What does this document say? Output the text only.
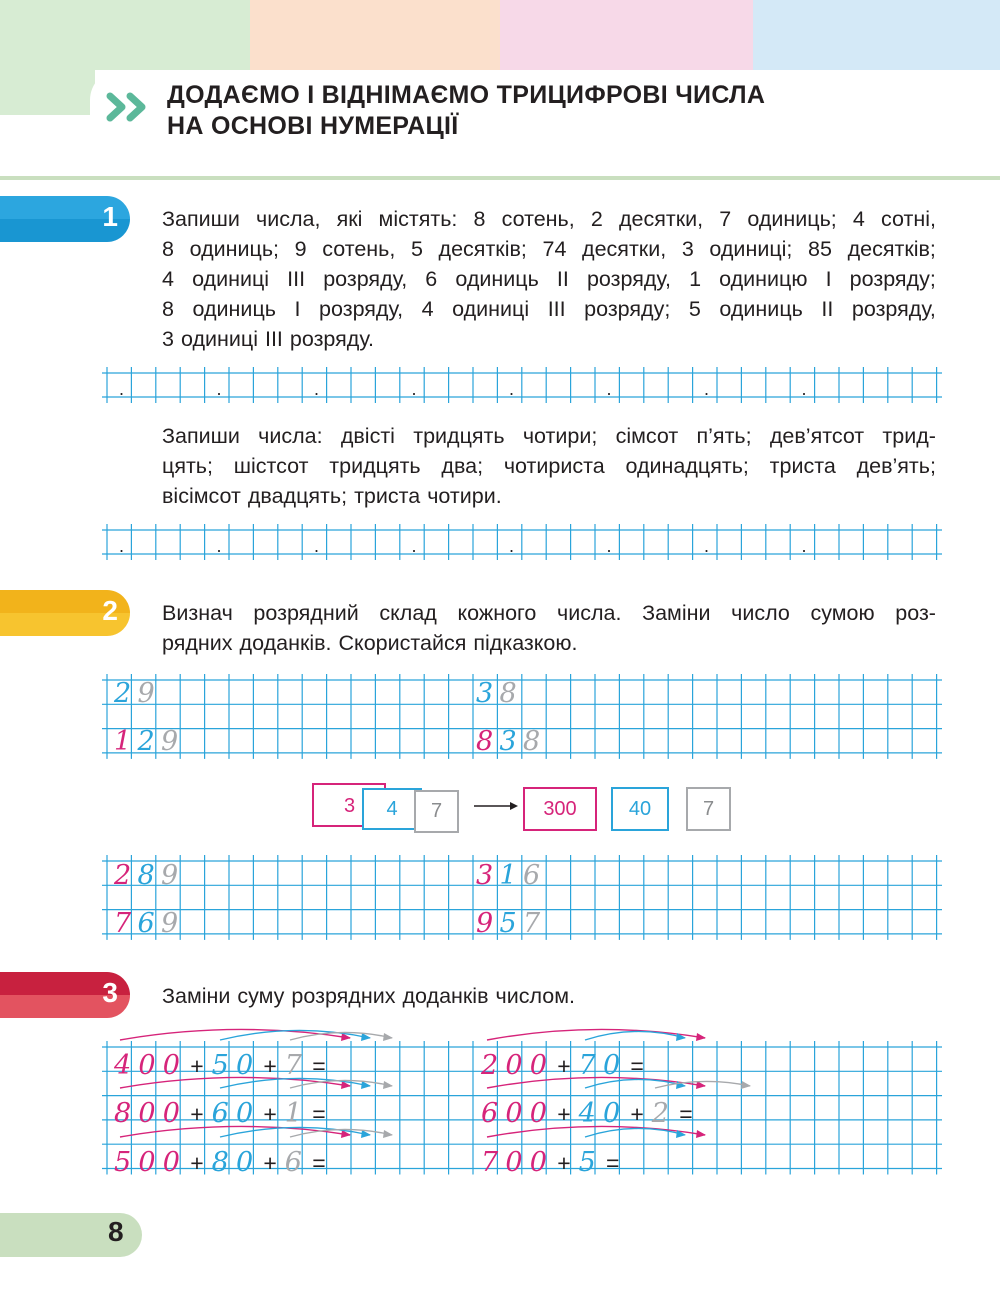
ДОДАЄМО І ВІДНІМАЄМО ТРИЦИФРОВІ ЧИСЛА
НА ОСНОВІ НУМЕРАЦІЇ
1
2
3
Запиши числа, які містять: 8 сотень, 2 десятки, 7 одиниць; 4 сотні,
8 одиниць; 9 сотень, 5 десятків; 74 десятки, 3 одиниці; 85 десятків;
4 одиниці III розряду, 6 одиниць II розряду, 1 одиницю I розряду;
8 одиниць I розряду, 4 одиниці III розряду; 5 одиниць II розряду,
3 одиниці III розряду.
Запиши числа: двісті тридцять чотири; сімсот п’ять; дев’ятсот трид-
цять; шістсот тридцять два; чотириста одинадцять; триста дев’ять;
вісімсот двадцять; триста чотири.
Визнач розрядний склад кожного числа. Заміни число сумою роз-
рядних доданків. Скористайся підказкою.
Заміни суму розрядних доданків числом.
.	.	.	.	.	.	.	.
.	.	.	.	.	.	.	.
2 9	3 8
1 2 9	8 3 8
2 8 9	3 1 6
7 6 9	9 5 7
4 0 0 + 5 0 + 7 =	2 0 0 + 7 0 =
8 0 0 + 6 0 + 1 =	6 0 0 + 4 0 + 2 =
5 0 0 + 8 0 + 6 =	7 0 0 + 5 =
3 4 7	300	40	7
8
